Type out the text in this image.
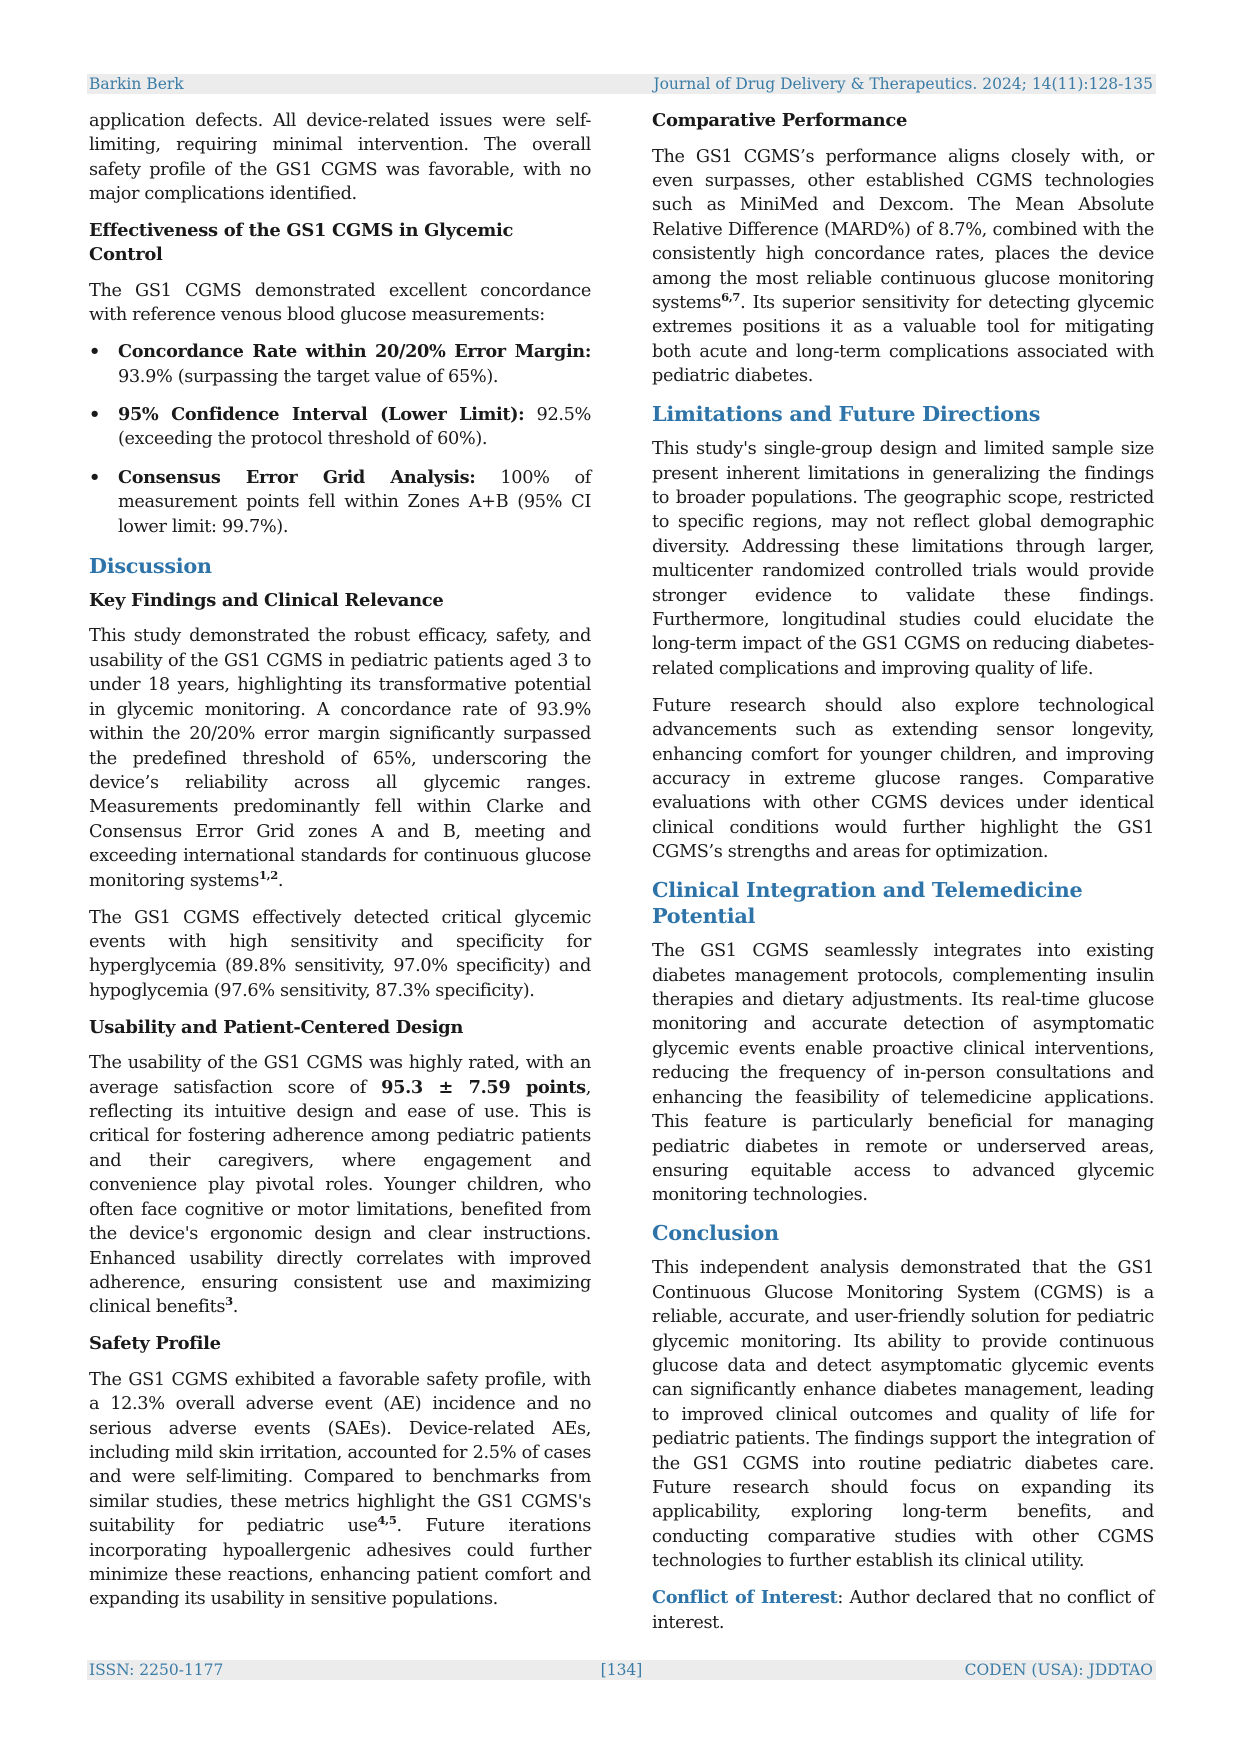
Barkin Berk	Journal of Drug Delivery & Therapeutics. 2024; 14(11):128-135

application defects. All device-related issues were self-limiting, requiring minimal intervention. The overall safety profile of the GS1 CGMS was favorable, with no major complications identified.

Effectiveness of the GS1 CGMS in Glycemic Control

The GS1 CGMS demonstrated excellent concordance with reference venous blood glucose measurements:

• Concordance Rate within 20/20% Error Margin: 93.9% (surpassing the target value of 65%).
• 95% Confidence Interval (Lower Limit): 92.5% (exceeding the protocol threshold of 60%).
• Consensus Error Grid Analysis: 100% of measurement points fell within Zones A+B (95% CI lower limit: 99.7%).
Discussion
Key Findings and Clinical Relevance

This study demonstrated the robust efficacy, safety, and usability of the GS1 CGMS in pediatric patients aged 3 to under 18 years, highlighting its transformative potential in glycemic monitoring. A concordance rate of 93.9% within the 20/20% error margin significantly surpassed the predefined threshold of 65%, underscoring the device’s reliability across all glycemic ranges. Measurements predominantly fell within Clarke and Consensus Error Grid zones A and B, meeting and exceeding international standards for continuous glucose monitoring systems$^{1,2}$.

The GS1 CGMS effectively detected critical glycemic events with high sensitivity and specificity for hyperglycemia (89.8% sensitivity, 97.0% specificity) and hypoglycemia (97.6% sensitivity, 87.3% specificity).

Usability and Patient-Centered Design

The usability of the GS1 CGMS was highly rated, with an average satisfaction score of 95.3 ± 7.59 points, reflecting its intuitive design and ease of use. This is critical for fostering adherence among pediatric patients and their caregivers, where engagement and convenience play pivotal roles. Younger children, who often face cognitive or motor limitations, benefited from the device's ergonomic design and clear instructions. Enhanced usability directly correlates with improved adherence, ensuring consistent use and maximizing clinical benefits$^3$.

Safety Profile

The GS1 CGMS exhibited a favorable safety profile, with a 12.3% overall adverse event (AE) incidence and no serious adverse events (SAEs). Device-related AEs, including mild skin irritation, accounted for 2.5% of cases and were self-limiting. Compared to benchmarks from similar studies, these metrics highlight the GS1 CGMS's suitability for pediatric use$^{4,5}$. Future iterations incorporating hypoallergenic adhesives could further minimize these reactions, enhancing patient comfort and expanding its usability in sensitive populations.

Comparative Performance

The GS1 CGMS’s performance aligns closely with, or even surpasses, other established CGMS technologies such as MiniMed and Dexcom. The Mean Absolute Relative Difference (MARD%) of 8.7%, combined with the consistently high concordance rates, places the device among the most reliable continuous glucose monitoring systems$^{6,7}$. Its superior sensitivity for detecting glycemic extremes positions it as a valuable tool for mitigating both acute and long-term complications associated with pediatric diabetes.

Limitations and Future Directions

This study's single-group design and limited sample size present inherent limitations in generalizing the findings to broader populations. The geographic scope, restricted to specific regions, may not reflect global demographic diversity. Addressing these limitations through larger, multicenter randomized controlled trials would provide stronger evidence to validate these findings. Furthermore, longitudinal studies could elucidate the long-term impact of the GS1 CGMS on reducing diabetes-related complications and improving quality of life.

Future research should also explore technological advancements such as extending sensor longevity, enhancing comfort for younger children, and improving accuracy in extreme glucose ranges. Comparative evaluations with other CGMS devices under identical clinical conditions would further highlight the GS1 CGMS’s strengths and areas for optimization.

Clinical Integration and Telemedicine Potential

The GS1 CGMS seamlessly integrates into existing diabetes management protocols, complementing insulin therapies and dietary adjustments. Its real-time glucose monitoring and accurate detection of asymptomatic glycemic events enable proactive clinical interventions, reducing the frequency of in-person consultations and enhancing the feasibility of telemedicine applications. This feature is particularly beneficial for managing pediatric diabetes in remote or underserved areas, ensuring equitable access to advanced glycemic monitoring technologies.

Conclusion

This independent analysis demonstrated that the GS1 Continuous Glucose Monitoring System (CGMS) is a reliable, accurate, and user-friendly solution for pediatric glycemic monitoring. Its ability to provide continuous glucose data and detect asymptomatic glycemic events can significantly enhance diabetes management, leading to improved clinical outcomes and quality of life for pediatric patients. The findings support the integration of the GS1 CGMS into routine pediatric diabetes care. Future research should focus on expanding its applicability, exploring long-term benefits, and conducting comparative studies with other CGMS technologies to further establish its clinical utility.

Conflict of Interest: Author declared that no conflict of interest.

ISSN: 2250-1177	[134]	CODEN (USA): JDDTAO
